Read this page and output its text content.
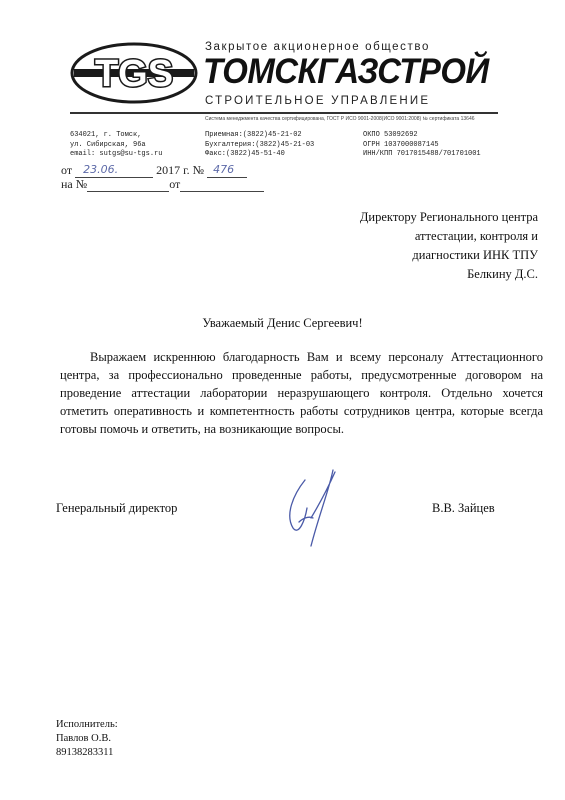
TGS
Закрытое акционерное общество
ТОМСКГАЗСТРОЙ
СТРОИТЕЛЬНОЕ УПРАВЛЕНИЕ
Система менеджмента качества сертифицирована, ГОСТ Р ИСО 9001-2008(ИСО 9001:2008) № сертификата 13646
634021, г. Томск,
ул. Сибирская, 96а
email: sutgs@su-tgs.ru
Приемная:(3822)45-21-02
Бухгалтерия:(3822)45-21-03
Факс:(3822)45-51-40
ОКПО 53092692
ОГРН 1037000087145
ИНН/КПП 7017015488/701701001
от 23.06.	2017 г. № 476
на №	от
Директору Регионального центра
аттестации, контроля и
диагностики ИНК ТПУ
Белкину Д.С.
Уважаемый Денис Сергеевич!
Выражаем искреннюю благодарность Вам и всему персоналу Аттестационного центра, за профессионально проведенные работы, предусмотренные договором на проведение аттестации лаборатории неразрушающего контроля. Отдельно хочется отметить оперативность и компетентность работы сотрудников центра, которые всегда готовы помочь и ответить, на возникающие вопросы.
Генеральный директор	В.В. Зайцев
Исполнитель:
Павлов О.В.
89138283311
